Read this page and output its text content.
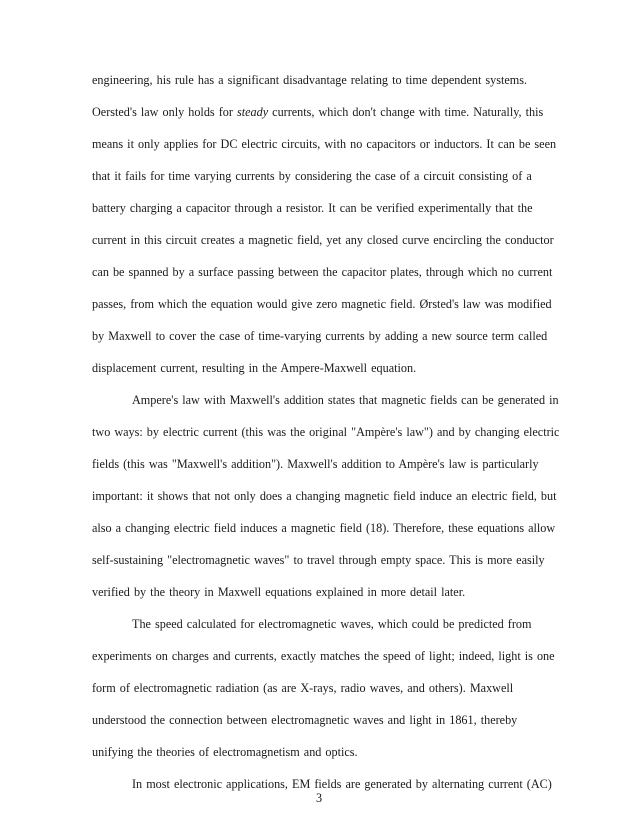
engineering, his rule has a significant disadvantage relating to time dependent systems.
Oersted's law only holds for steady currents, which don't change with time. Naturally, this
means it only applies for DC electric circuits, with no capacitors or inductors. It can be seen
that it fails for time varying currents by considering the case of a circuit consisting of a
battery charging a capacitor through a resistor. It can be verified experimentally that the
current in this circuit creates a magnetic field, yet any closed curve encircling the conductor
can be spanned by a surface passing between the capacitor plates, through which no current
passes, from which the equation would give zero magnetic field. Ørsted's law was modified
by Maxwell to cover the case of time-varying currents by adding a new source term called
displacement current, resulting in the Ampere-Maxwell equation.
Ampere's law with Maxwell's addition states that magnetic fields can be generated in
two ways: by electric current (this was the original "Ampère's law") and by changing electric
fields (this was "Maxwell's addition"). Maxwell's addition to Ampère's law is particularly
important: it shows that not only does a changing magnetic field induce an electric field, but
also a changing electric field induces a magnetic field (18). Therefore, these equations allow
self-sustaining "electromagnetic waves" to travel through empty space. This is more easily
verified by the theory in Maxwell equations explained in more detail later.
The speed calculated for electromagnetic waves, which could be predicted from
experiments on charges and currents, exactly matches the speed of light; indeed, light is one
form of electromagnetic radiation (as are X-rays, radio waves, and others). Maxwell
understood the connection between electromagnetic waves and light in 1861, thereby
unifying the theories of electromagnetism and optics.
In most electronic applications, EM fields are generated by alternating current (AC)
3
